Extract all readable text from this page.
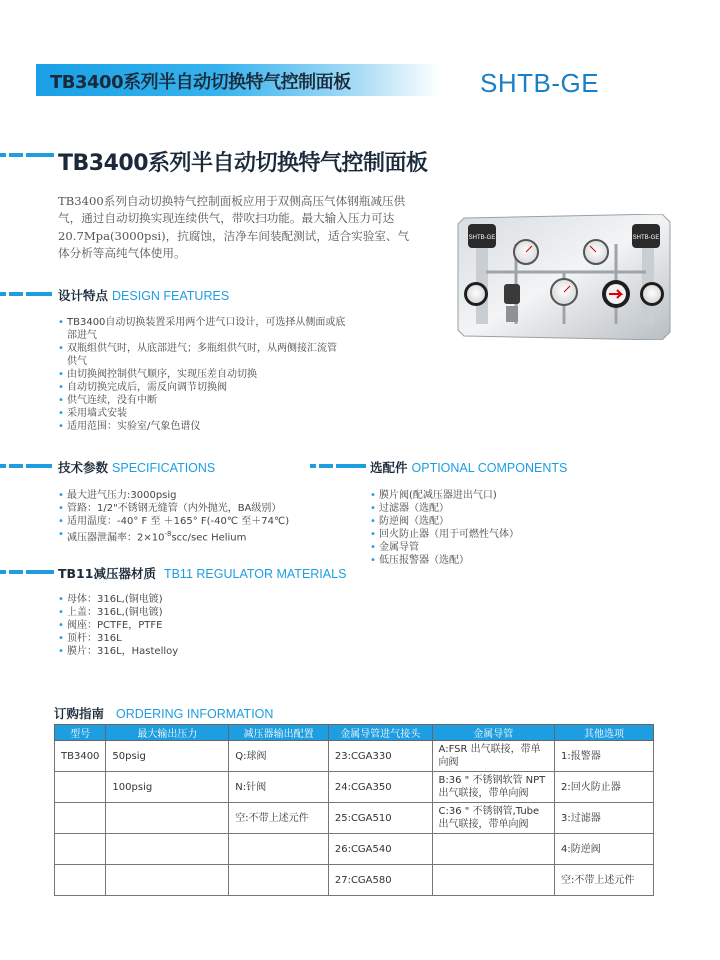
TB3400系列半自动切换特气控制面板	SHTB-GE
TB3400系列半自动切换特气控制面板
TB3400系列自动切换特气控制面板应用于双侧高压气体钢瓶减压供
气，通过自动切换实现连续供气，带吹扫功能。最大输入压力可达
20.7Mpa(3000psi)，抗腐蚀，洁净车间装配测试，适合实验室、气
体分析等高纯气体使用。
SHTB-GE	SHTB-GE
设计特点 DESIGN FEATURES
• TB3400自动切换装置采用两个进气口设计，可选择从侧面或底
部进气
• 双瓶组供气时，从底部进气；多瓶组供气时，从两侧接汇流管
供气
• 由切换阀控制供气顺序，实现压差自动切换
• 自动切换完成后，需反向调节切换阀
• 供气连续，没有中断
• 采用墙式安装
• 适用范围：实验室/气象色谱仪
技术参数 SPECIFICATIONS
• 最大进气压力:3000psig
• 管路：1/2"不锈钢无缝管（内外抛光，BA级别）
• 适用温度：-40° F 至 ＋165° F(-40℃ 至＋74℃)
• 减压器泄漏率：$2\times 10^{-8}scc/\sec$ Helium
选配件 OPTIONAL COMPONENTS
• 膜片阀(配减压器进出气口)
• 过滤器（选配）
• 防逆阀（选配）
• 回火防止器（用于可燃性气体）
• 金属导管
• 低压报警器（选配）
TB11减压器材质 TB11 REGULATOR MATERIALS
• 母体：316L,(铜电镀)
• 上盖：316L,(铜电镀)
• 阀座：PCTFE，PTFE
• 顶杆：316L
• 膜片：316L，Hastelloy
订购指南 ORDERING INFORMATION
型号	最大输出压力	减压器输出配置	金属导管进气接头	金属导管	其他选项
TB3400	50psig	Q:球阀	23:CGA330	A:FSR 出气联接，带单向阀	1:报警器
	100psig	N:针阀	24:CGA350	B:36 " 不锈钢软管 NPT 出气联接，带单向阀	2:回火防止器
		空:不带上述元件	25:CGA510	C:36 " 不锈钢管,Tube 出气联接，带单向阀	3:过滤器
			26:CGA540		4:防逆阀
			27:CGA580		空:不带上述元件
